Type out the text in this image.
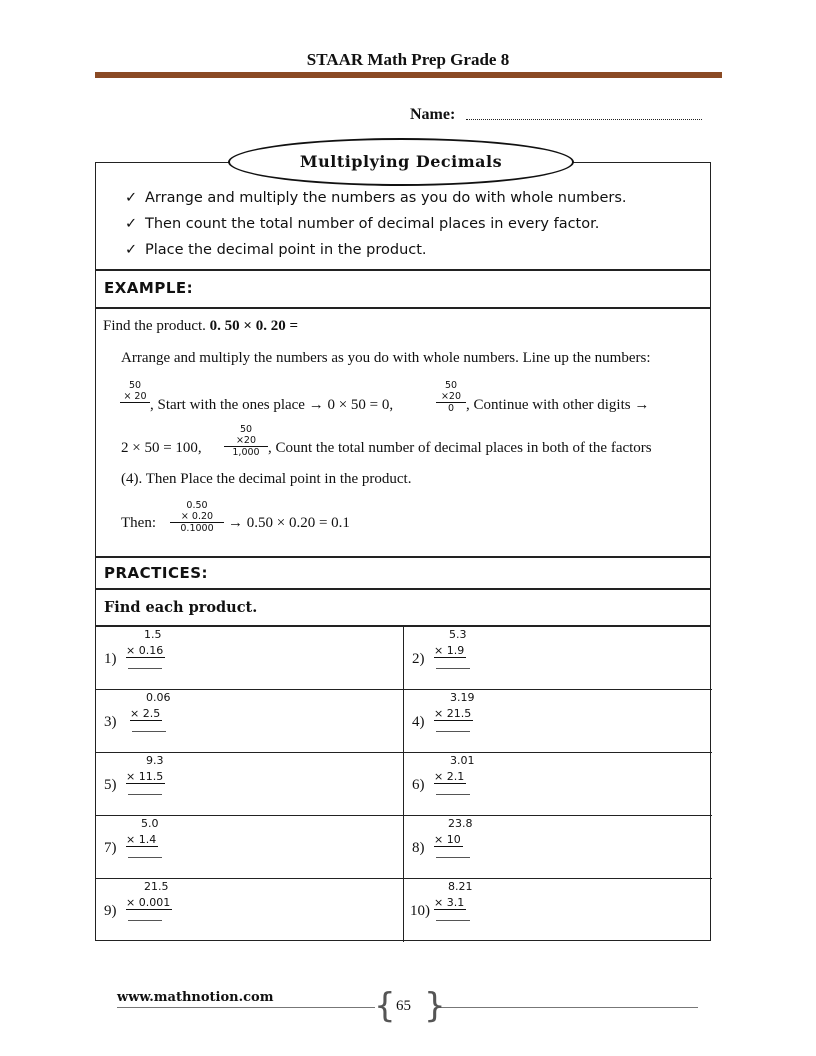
STAAR Math Prep Grade 8
Name:
Multiplying Decimals
✓ Arrange and multiply the numbers as you do with whole numbers.
✓ Then count the total number of decimal places in every factor.
✓ Place the decimal point in the product.
EXAMPLE:
Find the product. 0. 50 × 0. 20 =
Arrange and multiply the numbers as you do with whole numbers. Line up the numbers:
50
× 20
, Start with the ones place → 0 × 50 = 0,
50
×20
0 , Continue with other digits →
2 × 50 = 100,
50
×20
1,000 , Count the total number of decimal places in both of the factors
(4). Then Place the decimal point in the product.
Then:
0.50
× 0.20
0.1000 → 0.50 × 0.20 = 0.1
PRACTICES:
Find each product.
1)
1.5
× 0.16
2)
5.3
× 1.9
3)
0.06
× 2.5
4)
3.19
× 21.5
5)
9.3
× 11.5
6)
3.01
× 2.1
7)
5.0
× 1.4
8)
23.8
× 10
9)
21.5
× 0.001
10)
8.21
× 3.1
www.mathnotion.com	{ }
65
